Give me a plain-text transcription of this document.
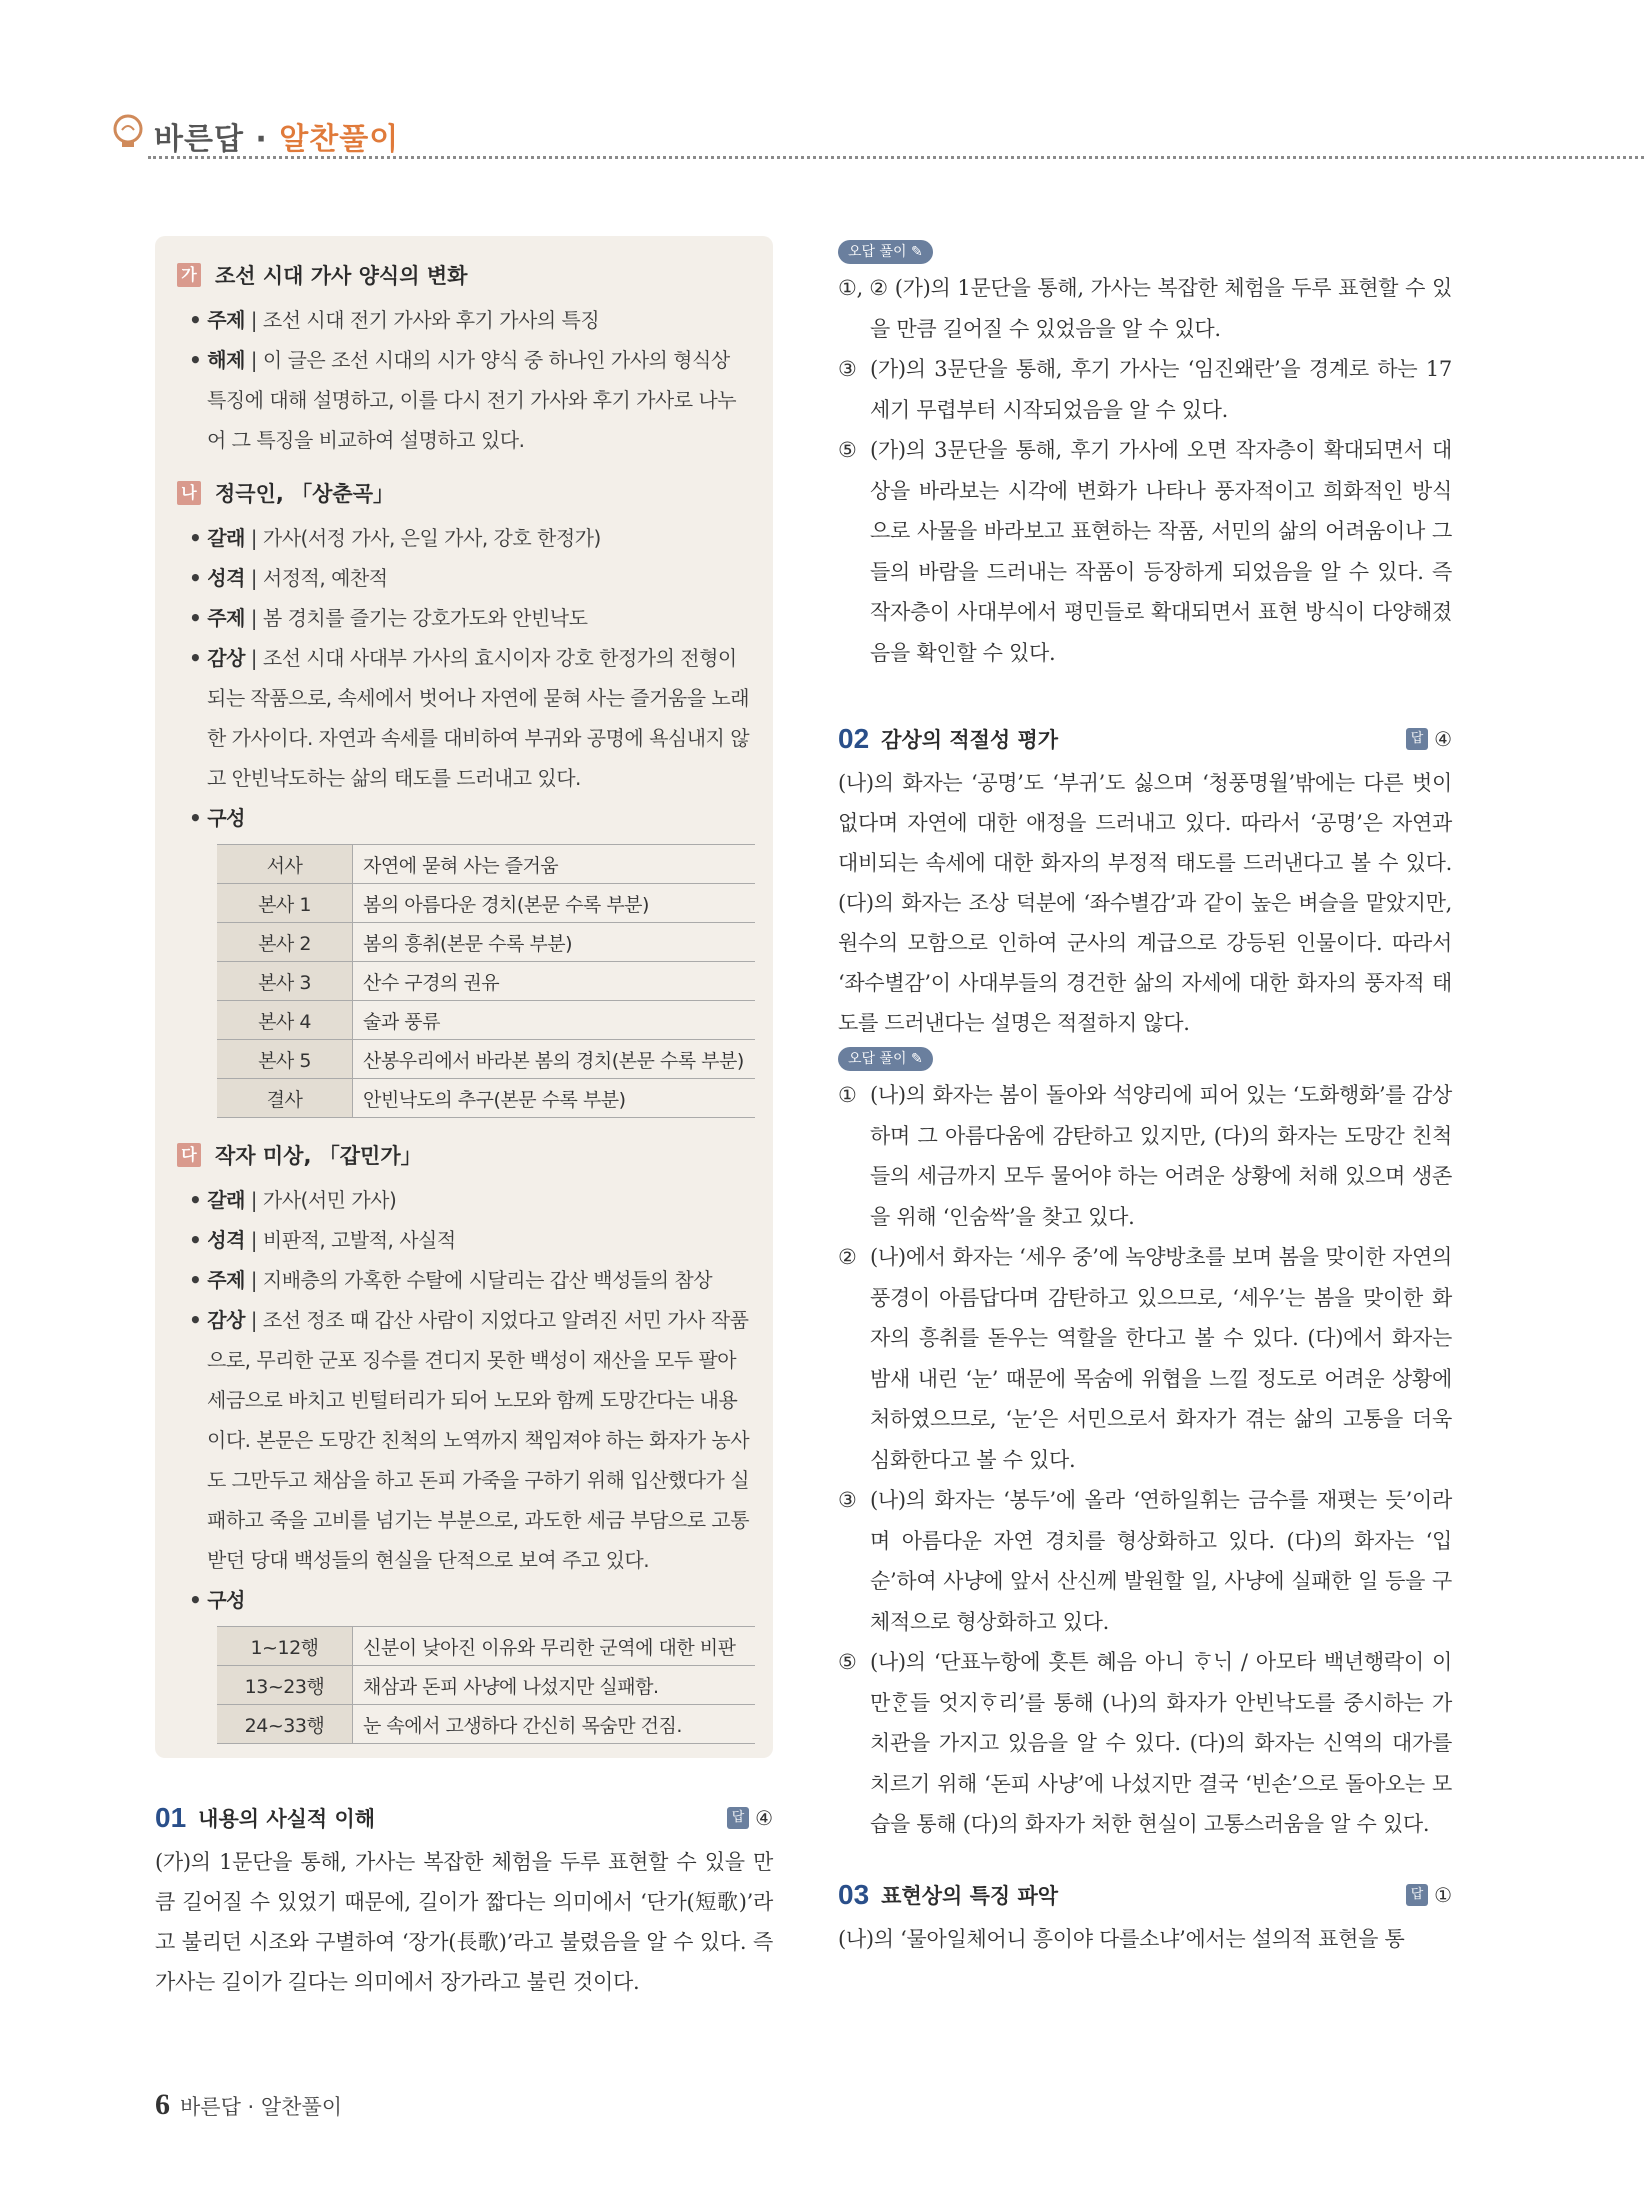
바른답 · 알찬풀이
가 조선 시대 가사 양식의 변화
• 주제 | 조선 시대 전기 가사와 후기 가사의 특징
• 해제 | 이 글은 조선 시대의 시가 양식 중 하나인 가사의 형식상 특징에 대해 설명하고, 이를 다시 전기 가사와 후기 가사로 나누어 그 특징을 비교하여 설명하고 있다.
나 정극인, 「상춘곡」
• 갈래 | 가사(서정 가사, 은일 가사, 강호 한정가)
• 성격 | 서정적, 예찬적
• 주제 | 봄 경치를 즐기는 강호가도와 안빈낙도
• 감상 | 조선 시대 사대부 가사의 효시이자 강호 한정가의 전형이 되는 작품으로, 속세에서 벗어나 자연에 묻혀 사는 즐거움을 노래한 가사이다. 자연과 속세를 대비하여 부귀와 공명에 욕심내지 않고 안빈낙도하는 삶의 태도를 드러내고 있다.
• 구성
서사	자연에 묻혀 사는 즐거움
본사 1	봄의 아름다운 경치(본문 수록 부분)
본사 2	봄의 흥취(본문 수록 부분)
본사 3	산수 구경의 권유
본사 4	술과 풍류
본사 5	산봉우리에서 바라본 봄의 경치(본문 수록 부분)
결사	안빈낙도의 추구(본문 수록 부분)
다 작자 미상, 「갑민가」
• 갈래 | 가사(서민 가사)
• 성격 | 비판적, 고발적, 사실적
• 주제 | 지배층의 가혹한 수탈에 시달리는 갑산 백성들의 참상
• 감상 | 조선 정조 때 갑산 사람이 지었다고 알려진 서민 가사 작품으로, 무리한 군포 징수를 견디지 못한 백성이 재산을 모두 팔아 세금으로 바치고 빈털터리가 되어 노모와 함께 도망간다는 내용이다. 본문은 도망간 친척의 노역까지 책임져야 하는 화자가 농사도 그만두고 채삼을 하고 돈피 가죽을 구하기 위해 입산했다가 실패하고 죽을 고비를 넘기는 부분으로, 과도한 세금 부담으로 고통받던 당대 백성들의 현실을 단적으로 보여 주고 있다.
• 구성
1~12행	신분이 낮아진 이유와 무리한 군역에 대한 비판
13~23행	채삼과 돈피 사냥에 나섰지만 실패함.
24~33행	눈 속에서 고생하다 간신히 목숨만 건짐.
01 내용의 사실적 이해	답 ④
(가)의 1문단을 통해, 가사는 복잡한 체험을 두루 표현할 수 있을 만큼 길어질 수 있었기 때문에, 길이가 짧다는 의미에서 ‘단가(短歌)’라고 불리던 시조와 구별하여 ‘장가(長歌)’라고 불렸음을 알 수 있다. 즉 가사는 길이가 길다는 의미에서 장가라고 불린 것이다.
오답 풀이 ✎
①, ② (가)의 1문단을 통해, 가사는 복잡한 체험을 두루 표현할 수 있을 만큼 길어질 수 있었음을 알 수 있다.
③ (가)의 3문단을 통해, 후기 가사는 ‘임진왜란’을 경계로 하는 17세기 무렵부터 시작되었음을 알 수 있다.
⑤ (가)의 3문단을 통해, 후기 가사에 오면 작자층이 확대되면서 대상을 바라보는 시각에 변화가 나타나 풍자적이고 희화적인 방식으로 사물을 바라보고 표현하는 작품, 서민의 삶의 어려움이나 그들의 바람을 드러내는 작품이 등장하게 되었음을 알 수 있다. 즉 작자층이 사대부에서 평민들로 확대되면서 표현 방식이 다양해졌음을 확인할 수 있다.
02 감상의 적절성 평가	답 ④
(나)의 화자는 ‘공명’도 ‘부귀’도 싫으며 ‘청풍명월’밖에는 다른 벗이 없다며 자연에 대한 애정을 드러내고 있다. 따라서 ‘공명’은 자연과 대비되는 속세에 대한 화자의 부정적 태도를 드러낸다고 볼 수 있다. (다)의 화자는 조상 덕분에 ‘좌수별감’과 같이 높은 벼슬을 맡았지만, 원수의 모함으로 인하여 군사의 계급으로 강등된 인물이다. 따라서 ‘좌수별감’이 사대부들의 경건한 삶의 자세에 대한 화자의 풍자적 태도를 드러낸다는 설명은 적절하지 않다.
오답 풀이 ✎
① (나)의 화자는 봄이 돌아와 석양리에 피어 있는 ‘도화행화’를 감상하며 그 아름다움에 감탄하고 있지만, (다)의 화자는 도망간 친척들의 세금까지 모두 물어야 하는 어려운 상황에 처해 있으며 생존을 위해 ‘인숨싹’을 찾고 있다.
② (나)에서 화자는 ‘세우 중’에 녹양방초를 보며 봄을 맞이한 자연의 풍경이 아름답다며 감탄하고 있으므로, ‘세우’는 봄을 맞이한 화자의 흥취를 돋우는 역할을 한다고 볼 수 있다. (다)에서 화자는 밤새 내린 ‘눈’ 때문에 목숨에 위협을 느낄 정도로 어려운 상황에 처하였으므로, ‘눈’은 서민으로서 화자가 겪는 삶의 고통을 더욱 심화한다고 볼 수 있다.
③ (나)의 화자는 ‘봉두’에 올라 ‘연하일휘는 금수를 재폇는 듯’이라며 아름다운 자연 경치를 형상화하고 있다. (다)의 화자는 ‘입순’하여 사냥에 앞서 산신께 발원할 일, 사냥에 실패한 일 등을 구체적으로 형상화하고 있다.
⑤ (나)의 ‘단표누항에 흣튼 혜음 아니 ᄒᆞᄂᆡ / 아모타 백년행락이 이만ᄒᆞᆫ들 엇지ᄒᆞ리’를 통해 (나)의 화자가 안빈낙도를 중시하는 가치관을 가지고 있음을 알 수 있다. (다)의 화자는 신역의 대가를 치르기 위해 ‘돈피 사냥’에 나섰지만 결국 ‘빈손’으로 돌아오는 모습을 통해 (다)의 화자가 처한 현실이 고통스러움을 알 수 있다.
03 표현상의 특징 파악	답 ①
(나)의 ‘물아일체어니 흥이야 다를소냐’에서는 설의적 표현을 통
6 바른답 · 알찬풀이
